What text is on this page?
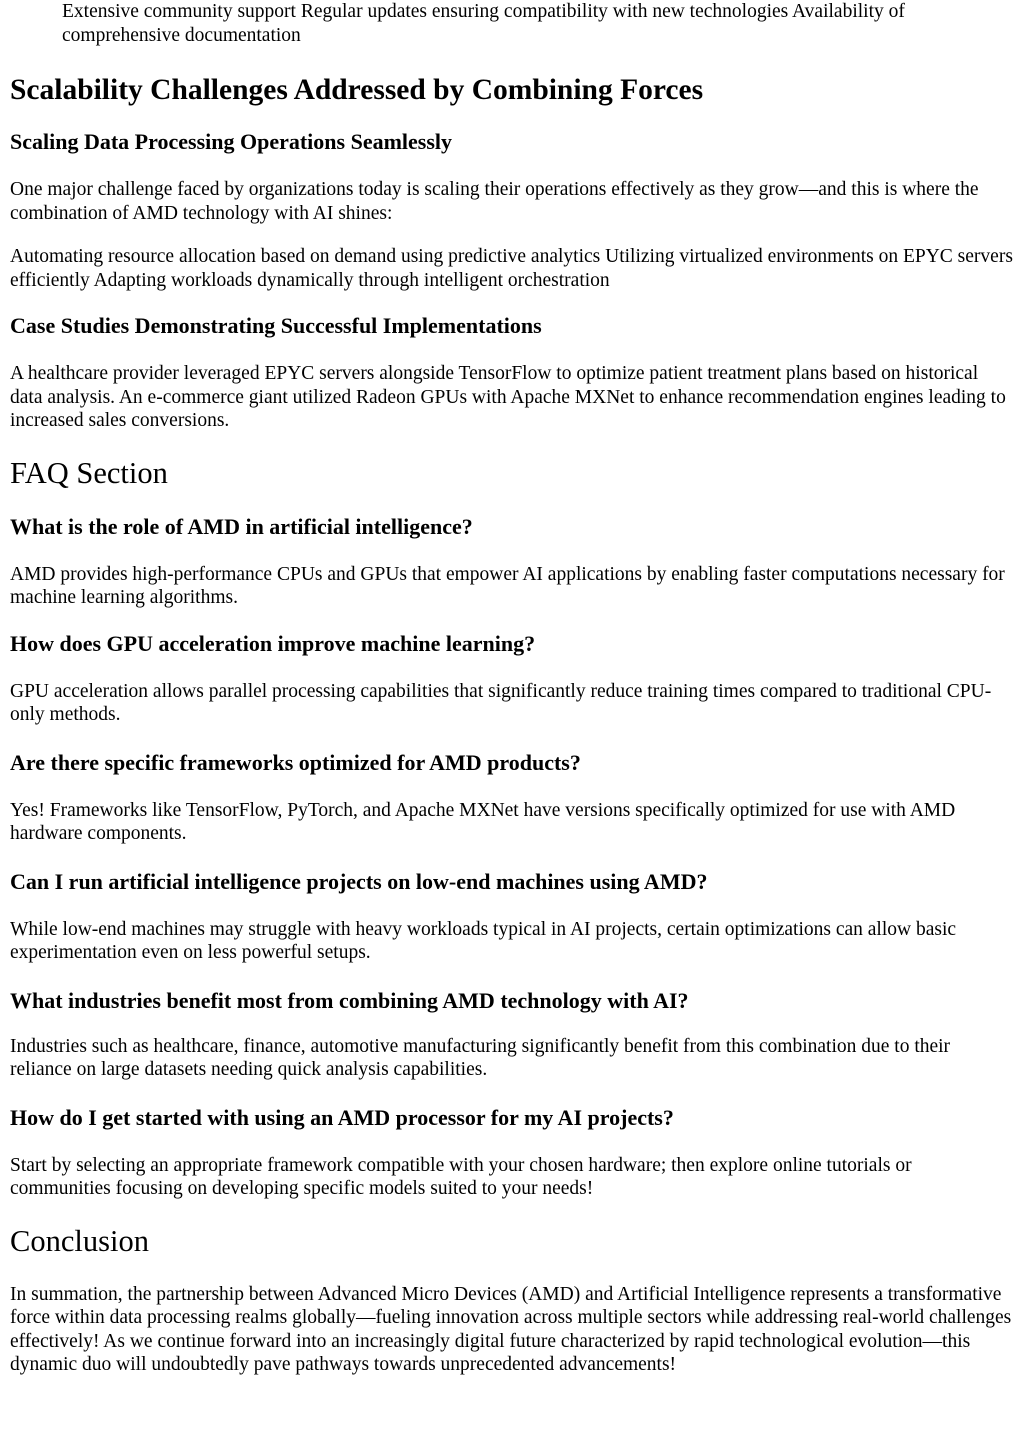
Extensive community support Regular updates ensuring compatibility with new technologies Availability of comprehensive documentation

Scalability Challenges Addressed by Combining Forces
Scaling Data Processing Operations Seamlessly

One major challenge faced by organizations today is scaling their operations effectively as they grow—and this is where the combination of AMD technology with AI shines:

Automating resource allocation based on demand using predictive analytics Utilizing virtualized environments on EPYC servers efficiently Adapting workloads dynamically through intelligent orchestration

Case Studies Demonstrating Successful Implementations

A healthcare provider leveraged EPYC servers alongside TensorFlow to optimize patient treatment plans based on historical data analysis. An e-commerce giant utilized Radeon GPUs with Apache MXNet to enhance recommendation engines leading to increased sales conversions.

FAQ Section
What is the role of AMD in artificial intelligence?

AMD provides high-performance CPUs and GPUs that empower AI applications by enabling faster computations necessary for machine learning algorithms.

How does GPU acceleration improve machine learning?

GPU acceleration allows parallel processing capabilities that significantly reduce training times compared to traditional CPU-only methods.

Are there specific frameworks optimized for AMD products?

Yes! Frameworks like TensorFlow, PyTorch, and Apache MXNet have versions specifically optimized for use with AMD hardware components.

Can I run artificial intelligence projects on low-end machines using AMD?

While low-end machines may struggle with heavy workloads typical in AI projects, certain optimizations can allow basic experimentation even on less powerful setups.

What industries benefit most from combining AMD technology with AI?

Industries such as healthcare, finance, automotive manufacturing significantly benefit from this combination due to their reliance on large datasets needing quick analysis capabilities.

How do I get started with using an AMD processor for my AI projects?

Start by selecting an appropriate framework compatible with your chosen hardware; then explore online tutorials or communities focusing on developing specific models suited to your needs!

Conclusion

In summation, the partnership between Advanced Micro Devices (AMD) and Artificial Intelligence represents a transformative force within data processing realms globally—fueling innovation across multiple sectors while addressing real-world challenges effectively! As we continue forward into an increasingly digital future characterized by rapid technological evolution—this dynamic duo will undoubtedly pave pathways towards unprecedented advancements!
